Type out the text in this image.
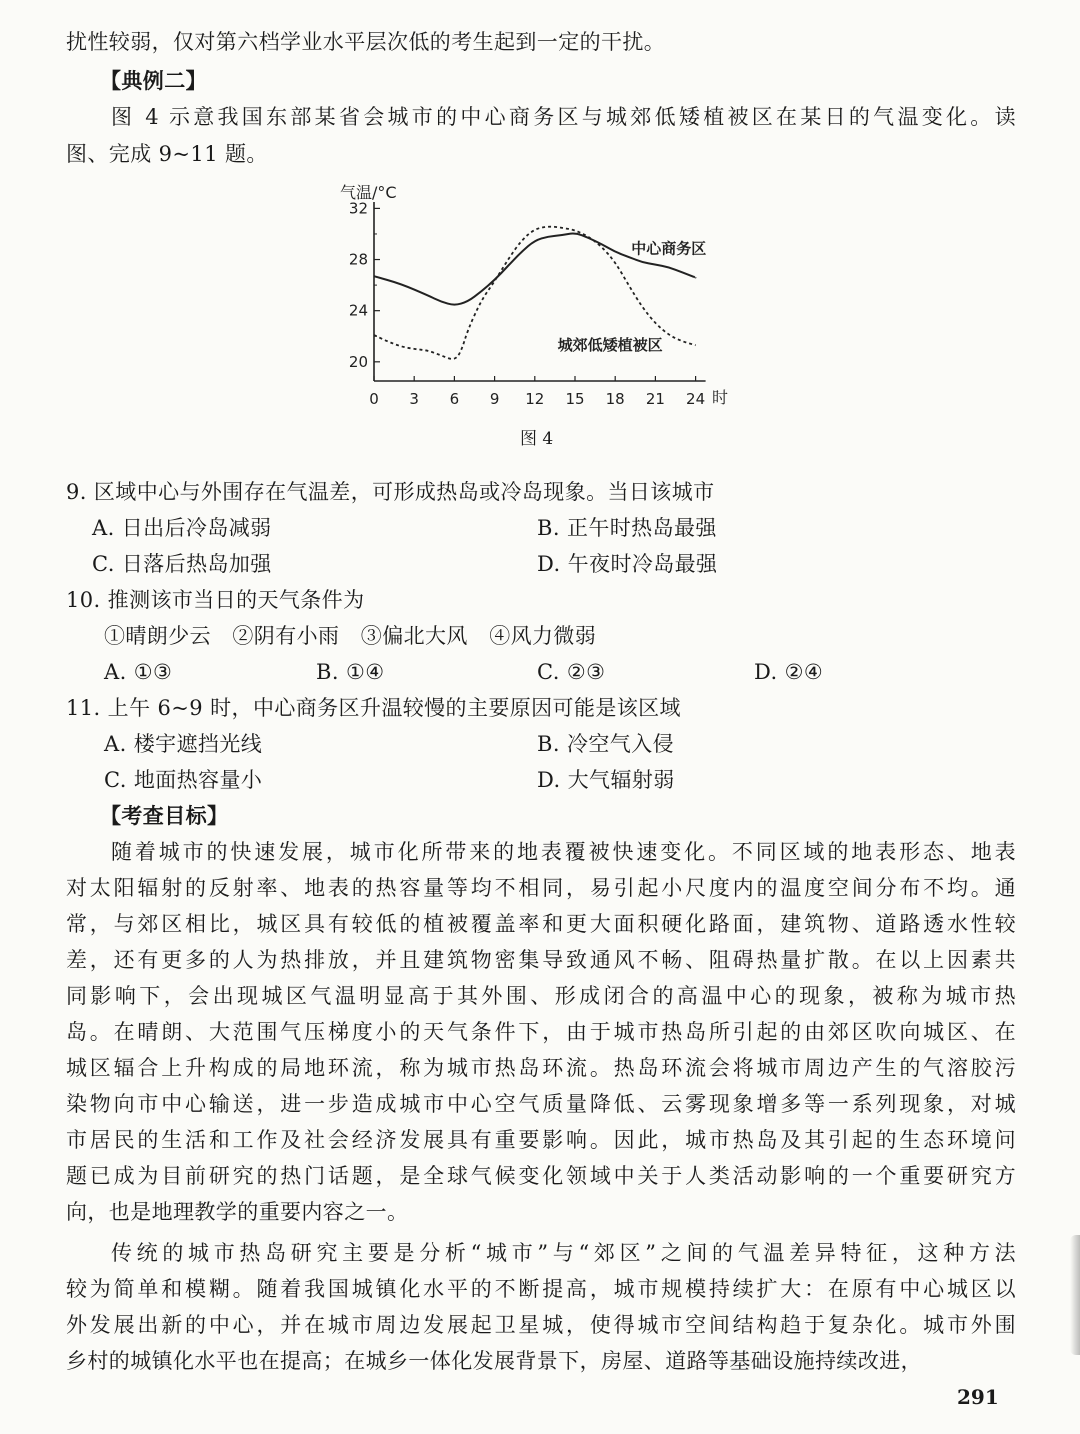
扰性较弱，仅对第六档学业水平层次低的考生起到一定的干扰。
【典例二】
图 4 示意我国东部某省会城市的中心商务区与城郊低矮植被区在某日的气温变化。读
图、完成 9~11 题。
气温/°C
时
0 3 6 9 12 15 18 21 24
20
24
28
32
中心商务区
城郊低矮植被区
图 4
9. 区域中心与外围存在气温差，可形成热岛或冷岛现象。当日该城市
A. 日出后冷岛减弱	B. 正午时热岛最强
C. 日落后热岛加强	D. 午夜时冷岛最强
10. 推测该市当日的天气条件为
①晴朗少云　②阴有小雨　③偏北大风　④风力微弱
A. ①③	B. ①④	C. ②③	D. ②④
11. 上午 6~9 时，中心商务区升温较慢的主要原因可能是该区域
A. 楼宇遮挡光线	B. 冷空气入侵
C. 地面热容量小	D. 大气辐射弱
【考查目标】
随着城市的快速发展，城市化所带来的地表覆被快速变化。不同区域的地表形态、地表
对太阳辐射的反射率、地表的热容量等均不相同，易引起小尺度内的温度空间分布不均。通
常，与郊区相比，城区具有较低的植被覆盖率和更大面积硬化路面，建筑物、道路透水性较
差，还有更多的人为热排放，并且建筑物密集导致通风不畅、阻碍热量扩散。在以上因素共
同影响下，会出现城区气温明显高于其外围、形成闭合的高温中心的现象，被称为城市热
岛。在晴朗、大范围气压梯度小的天气条件下，由于城市热岛所引起的由郊区吹向城区、在
城区辐合上升构成的局地环流，称为城市热岛环流。热岛环流会将城市周边产生的气溶胶污
染物向市中心输送，进一步造成城市中心空气质量降低、云雾现象增多等一系列现象，对城
市居民的生活和工作及社会经济发展具有重要影响。因此，城市热岛及其引起的生态环境问
题已成为目前研究的热门话题，是全球气候变化领域中关于人类活动影响的一个重要研究方
向，也是地理教学的重要内容之一。
传统的城市热岛研究主要是分析“城市”与“郊区”之间的气温差异特征，这种方法
较为简单和模糊。随着我国城镇化水平的不断提高，城市规模持续扩大：在原有中心城区以
外发展出新的中心，并在城市周边发展起卫星城，使得城市空间结构趋于复杂化。城市外围
乡村的城镇化水平也在提高；在城乡一体化发展背景下，房屋、道路等基础设施持续改进，
291
